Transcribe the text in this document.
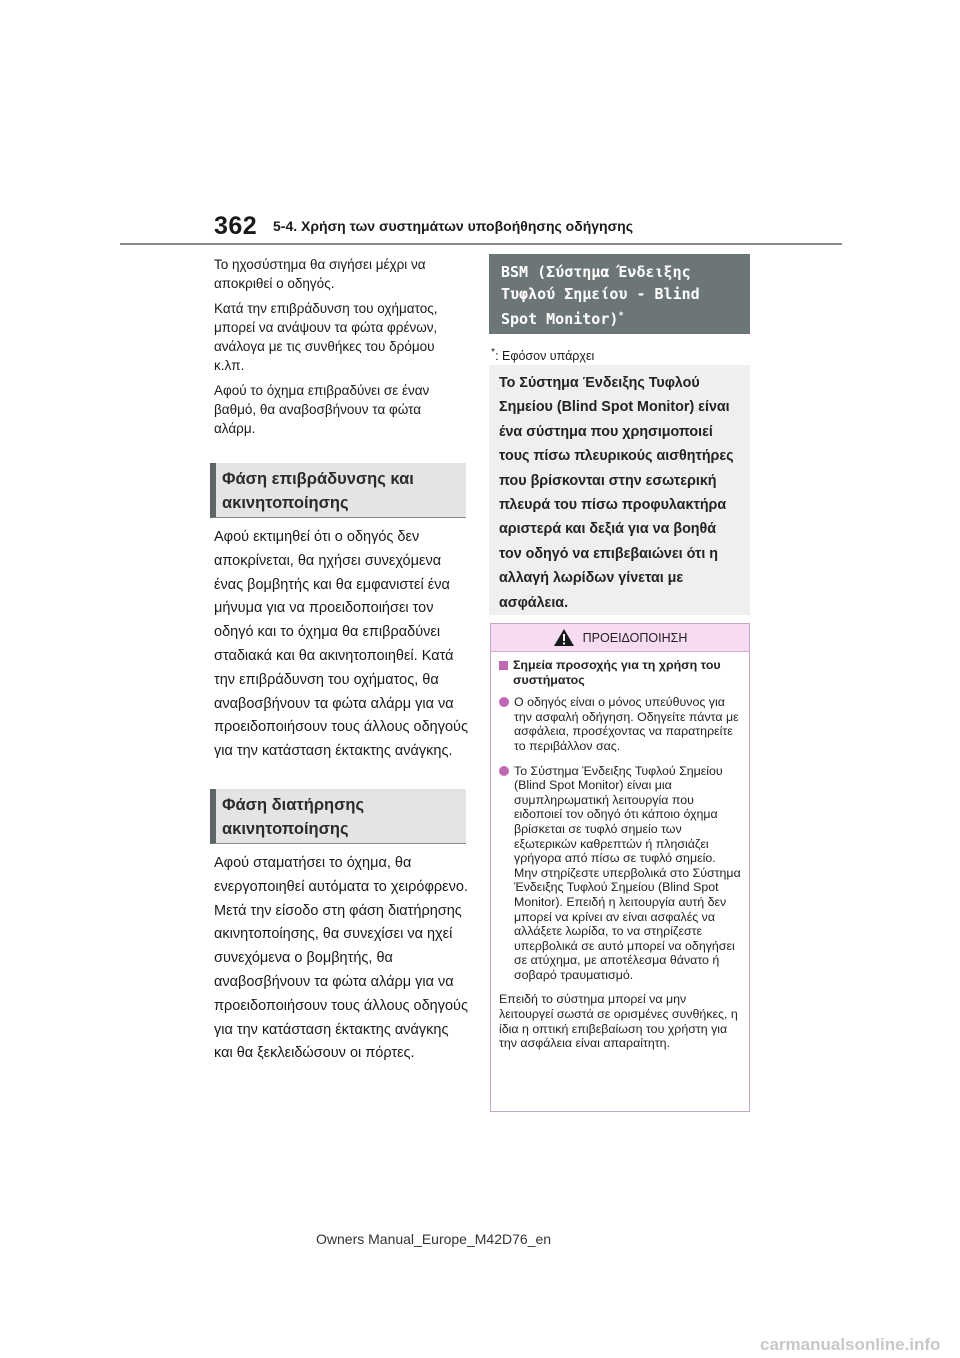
362 5-4. Χρήση των συστημάτων υποβοήθησης οδήγησης

Το ηχοσύστημα θα σιγήσει μέχρι να αποκριθεί ο οδηγός.

Κατά την επιβράδυνση του οχήματος, μπορεί να ανάψουν τα φώτα φρένων, ανάλογα με τις συνθήκες του δρόμου κ.λπ.

Αφού το όχημα επιβραδύνει σε έναν βαθμό, θα αναβοσβήνουν τα φώτα αλάρμ.

Φάση επιβράδυνσης και
ακινητοποίησης
Αφού εκτιμηθεί ότι ο οδηγός δεν αποκρίνεται, θα ηχήσει συνεχόμενα ένας βομβητής και θα εμφανιστεί ένα μήνυμα για να προειδοποιήσει τον οδηγό και το όχημα θα επιβραδύνει σταδιακά και θα ακινητοποιηθεί. Κατά την επιβράδυνση του οχήματος, θα αναβοσβήνουν τα φώτα αλάρμ για να προειδοποιήσουν τους άλλους οδηγούς για την κατάσταση έκτακτης ανάγκης.
Φάση διατήρησης
ακινητοποίησης
Αφού σταματήσει το όχημα, θα ενεργοποιηθεί αυτόματα το χειρόφρενο. Μετά την είσοδο στη φάση διατήρησης ακινητοποίησης, θα συνεχίσει να ηχεί συνεχόμενα ο βομβητής, θα αναβοσβήνουν τα φώτα αλάρμ για να προειδοποιήσουν τους άλλους οδηγούς για την κατάσταση έκτακτης ανάγκης και θα ξεκλειδώσουν οι πόρτες.
BSM (Σύστημα Ένδειξης
Τυφλού Σημείου - Blind
Spot Monitor)*
*: Εφόσον υπάρχει
Το Σύστημα Ένδειξης Τυφλού Σημείου (Blind Spot Monitor) είναι ένα σύστημα που χρησιμοποιεί τους πίσω πλευρικούς αισθητήρες που βρίσκονται στην εσωτερική πλευρά του πίσω προφυλακτήρα αριστερά και δεξιά για να βοηθά τον οδηγό να επιβεβαιώνει ότι η αλλαγή λωρίδων γίνεται με ασφάλεια.
ΠΡΟΕΙΔΟΠΟΙΗΣΗ
Σημεία προσοχής για τη χρήση του συστήματος
Ο οδηγός είναι ο μόνος υπεύθυνος για την ασφαλή οδήγηση. Οδηγείτε πάντα με ασφάλεια, προσέχοντας να παρατηρείτε το περιβάλλον σας.
Το Σύστημα Ένδειξης Τυφλού Σημείου (Blind Spot Monitor) είναι μια συμπληρωματική λειτουργία που ειδοποιεί τον οδηγό ότι κάποιο όχημα βρίσκεται σε τυφλό σημείο των εξωτερικών καθρεπτών ή πλησιάζει γρήγορα από πίσω σε τυφλό σημείο. Μην στηρίζεστε υπερβολικά στο Σύστημα Ένδειξης Τυφλού Σημείου (Blind Spot Monitor). Επειδή η λειτουργία αυτή δεν μπορεί να κρίνει αν είναι ασφαλές να αλλάξετε λωρίδα, το να στηρίζεστε υπερβολικά σε αυτό μπορεί να οδηγήσει σε ατύχημα, με αποτέλεσμα θάνατο ή σοβαρό τραυματισμό.
Επειδή το σύστημα μπορεί να μην λειτουργεί σωστά σε ορισμένες συνθήκες, η ίδια η οπτική επιβεβαίωση του χρήστη για την ασφάλεια είναι απαραίτητη.
Owners Manual_Europe_M42D76_en
carmanualsonline.info
